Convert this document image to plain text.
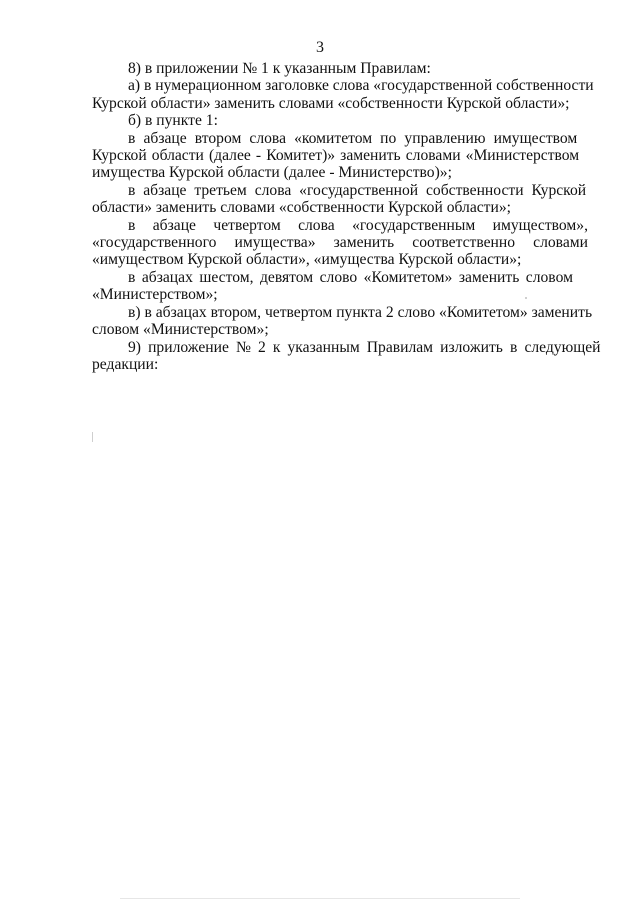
3
8) в приложении № 1 к указанным Правилам:
а) в нумерационном заголовке слова «государственной собственности
Курской области» заменить словами «собственности Курской области»;
б) в пункте 1:
в абзаце втором слова «комитетом по управлению имуществом
Курской области (далее - Комитет)» заменить словами «Министерством
имущества Курской области (далее - Министерство)»;
в абзаце третьем слова «государственной собственности Курской
области» заменить словами «собственности Курской области»;
в абзаце четвертом слова «государственным имуществом»,
«государственного имущества» заменить соответственно словами
«имуществом Курской области», «имущества Курской области»;
в абзацах шестом, девятом слово «Комитетом» заменить словом
«Министерством»;
в) в абзацах втором, четвертом пункта 2 слово «Комитетом» заменить
словом «Министерством»;
9) приложение № 2 к указанным Правилам изложить в следующей
редакции:
